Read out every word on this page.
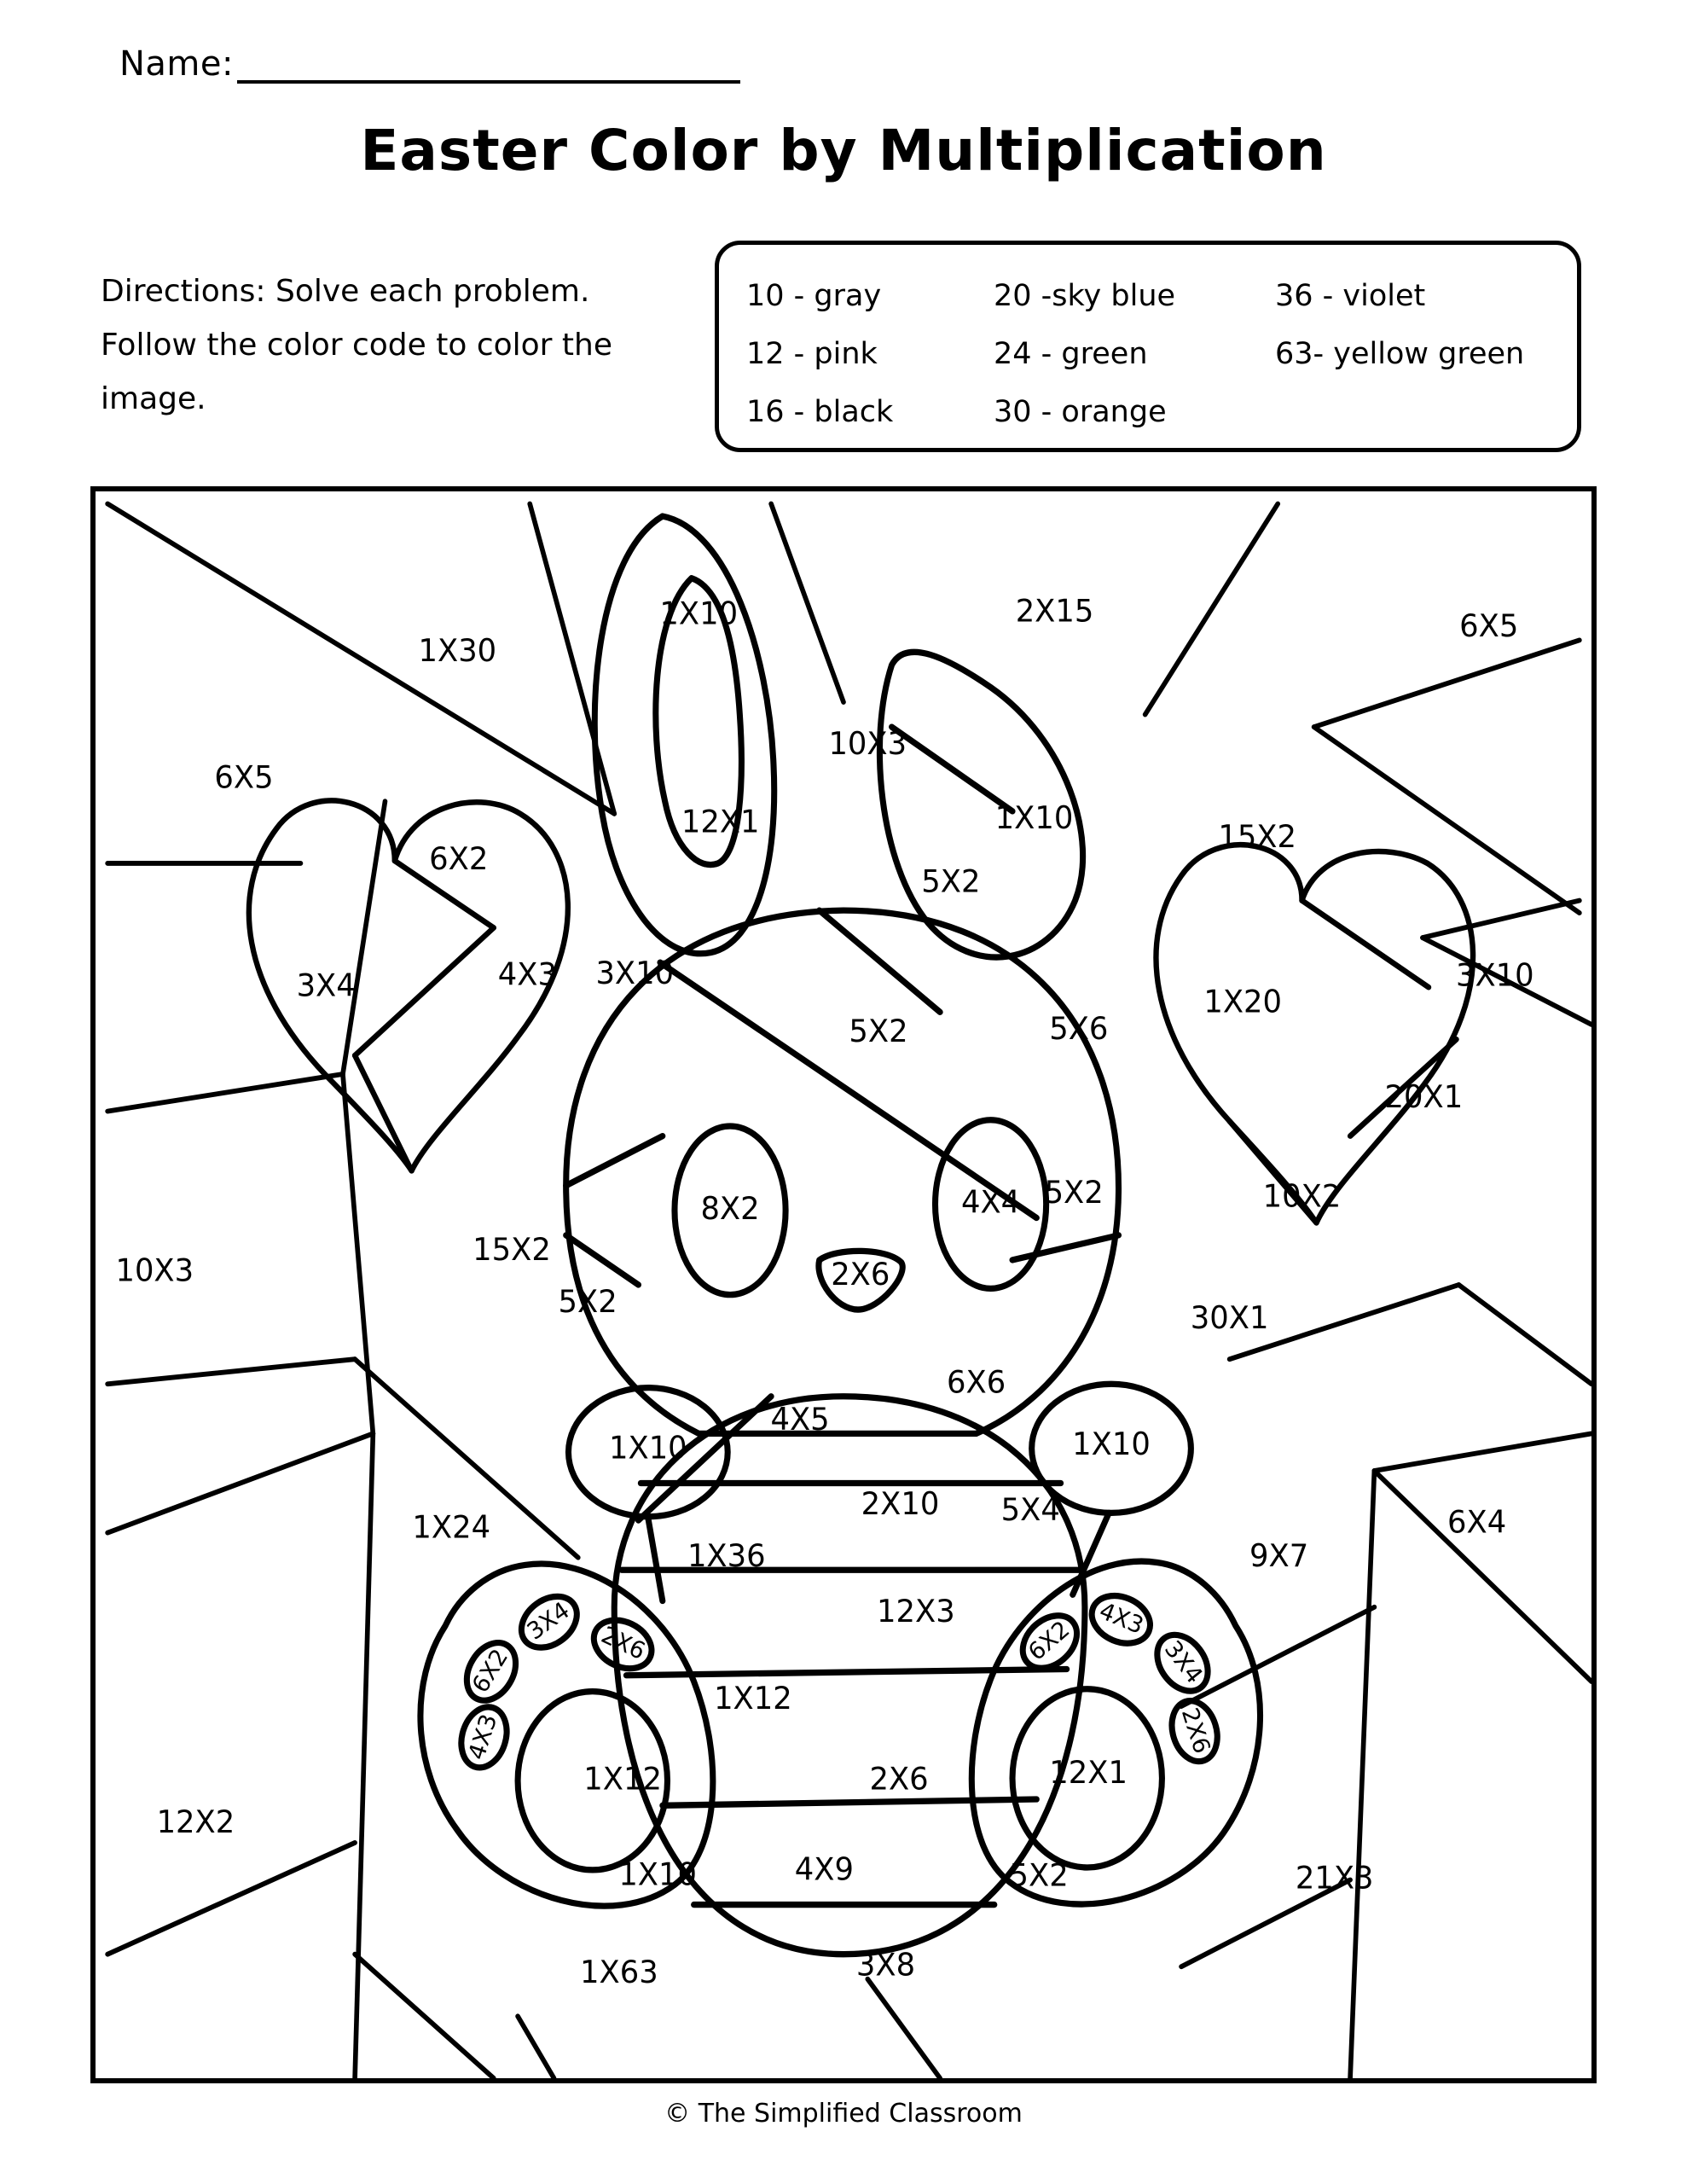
Name:
Easter Color by Multiplication
Directions: Solve each problem. Follow the color code to color the image.
10 - gray	20 -sky blue	36 - violet
12 - pink	24 - green	63- yellow green
16 - black	30 - orange
1X30
1X10	2X15	6X5
6X5
10X3
12X1	1X10
15X2
6X2
5X2
3X10	3X10
3X4	4X3
1X20
5X2	5X6
20X1
5X2
8X2	4X4	10X2
15X2
10X3	2X6
5X2	30X1
6X6
1X10
4X5
1X10
2X10	5X4
1X24	6X4
1X36	9X7
12X3
1X12
1X12	2X6	12X1
12X2
4X9
1X10	5X2	21X3
1X63	3X8
3X4 2X6
6X2
4X3
6X2 4X3
3X4
2X6
© The Simplified Classroom
